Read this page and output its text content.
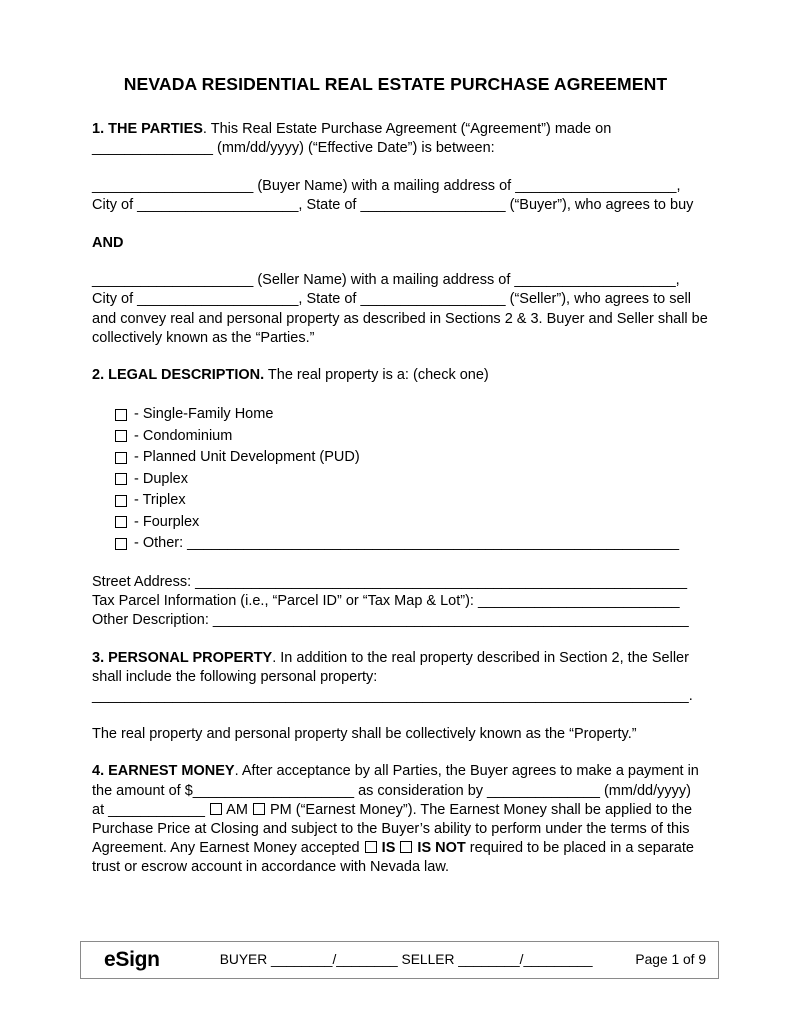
NEVADA RESIDENTIAL REAL ESTATE PURCHASE AGREEMENT

1. THE PARTIES. This Real Estate Purchase Agreement (“Agreement”) made on _______________ (mm/dd/yyyy) (“Effective Date”) is between:

____________________ (Buyer Name) with a mailing address of ____________________, City of ____________________, State of __________________ (“Buyer”), who agrees to buy

AND

____________________ (Seller Name) with a mailing address of ____________________, City of ____________________, State of __________________ (“Seller”), who agrees to sell and convey real and personal property as described in Sections 2 & 3. Buyer and Seller shall be collectively known as the “Parties.”

2. LEGAL DESCRIPTION. The real property is a: (check one)

- Single-Family Home
- Condominium
- Planned Unit Development (PUD)
- Duplex
- Triplex
- Fourplex
- Other: _____________________________________________________________

Street Address: _____________________________________________________________ Tax Parcel Information (i.e., “Parcel ID” or “Tax Map & Lot”): _________________________ Other Description: ___________________________________________________________

3. PERSONAL PROPERTY. In addition to the real property described in Section 2, the Seller shall include the following personal property: __________________________________________________________________________.

The real property and personal property shall be collectively known as the “Property.”

4. EARNEST MONEY. After acceptance by all Parties, the Buyer agrees to make a payment in the amount of $____________________ as consideration by ______________ (mm/dd/yyyy) at ____________  AM  PM (“Earnest Money”). The Earnest Money shall be applied to the Purchase Price at Closing and subject to the Buyer’s ability to perform under the terms of this Agreement. Any Earnest Money accepted  IS  IS NOT required to be placed in a separate trust or escrow account in accordance with Nevada law.

eSign	BUYER ________/________ SELLER ________/_________	Page 1 of 9
